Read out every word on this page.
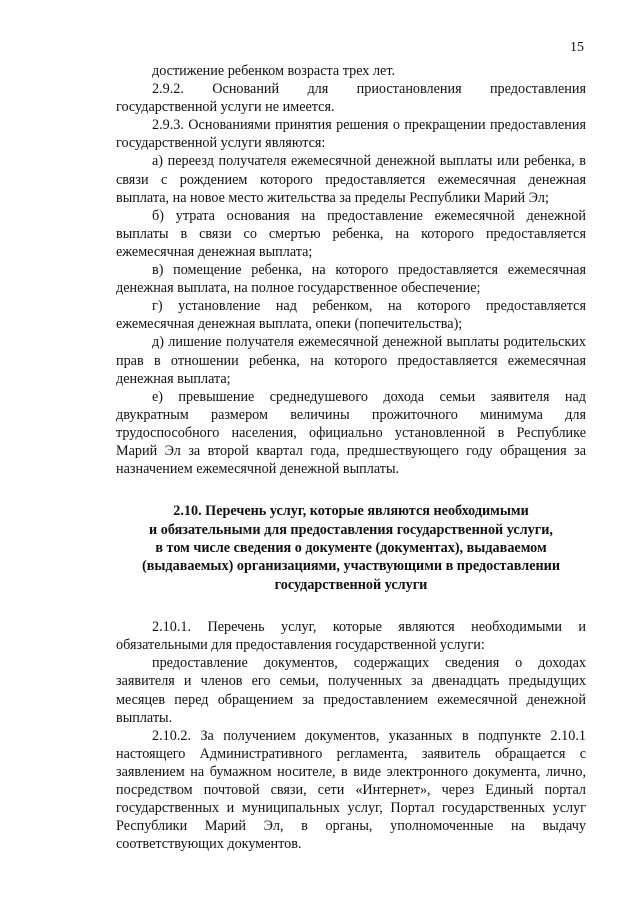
15

достижение ребенком возраста трех лет.

2.9.2. Оснований для приостановления предоставления государственной услуги не имеется.

2.9.3. Основаниями принятия решения о прекращении предоставления государственной услуги являются:

а) переезд получателя ежемесячной денежной выплаты или ребенка, в связи с рождением которого предоставляется ежемесячная денежная выплата, на новое место жительства за пределы Республики Марий Эл;

б) утрата основания на предоставление ежемесячной денежной выплаты в связи со смертью ребенка, на которого предоставляется ежемесячная денежная выплата;

в) помещение ребенка, на которого предоставляется ежемесячная денежная выплата, на полное государственное обеспечение;

г) установление над ребенком, на которого предоставляется ежемесячная денежная выплата, опеки (попечительства);

д) лишение получателя ежемесячной денежной выплаты родительских прав в отношении ребенка, на которого предоставляется ежемесячная денежная выплата;

е) превышение среднедушевого дохода семьи заявителя над двукратным размером величины прожиточного минимума для трудоспособного населения, официально установленной в Республике Марий Эл за второй квартал года, предшествующего году обращения за назначением ежемесячной денежной выплаты.

2.10. Перечень услуг, которые являются необходимыми
и обязательными для предоставления государственной услуги,
в том числе сведения о документе (документах), выдаваемом
(выдаваемых) организациями, участвующими в предоставлении
государственной услуги

2.10.1. Перечень услуг, которые являются необходимыми и обязательными для предоставления государственной услуги:

предоставление документов, содержащих сведения о доходах заявителя и членов его семьи, полученных за двенадцать предыдущих месяцев перед обращением за предоставлением ежемесячной денежной выплаты.

2.10.2. За получением документов, указанных в подпункте 2.10.1 настоящего Административного регламента, заявитель обращается с заявлением на бумажном носителе, в виде электронного документа, лично, посредством почтовой связи, сети «Интернет», через Единый портал государственных и муниципальных услуг, Портал государственных услуг Республики Марий Эл, в органы, уполномоченные на выдачу соответствующих документов.
